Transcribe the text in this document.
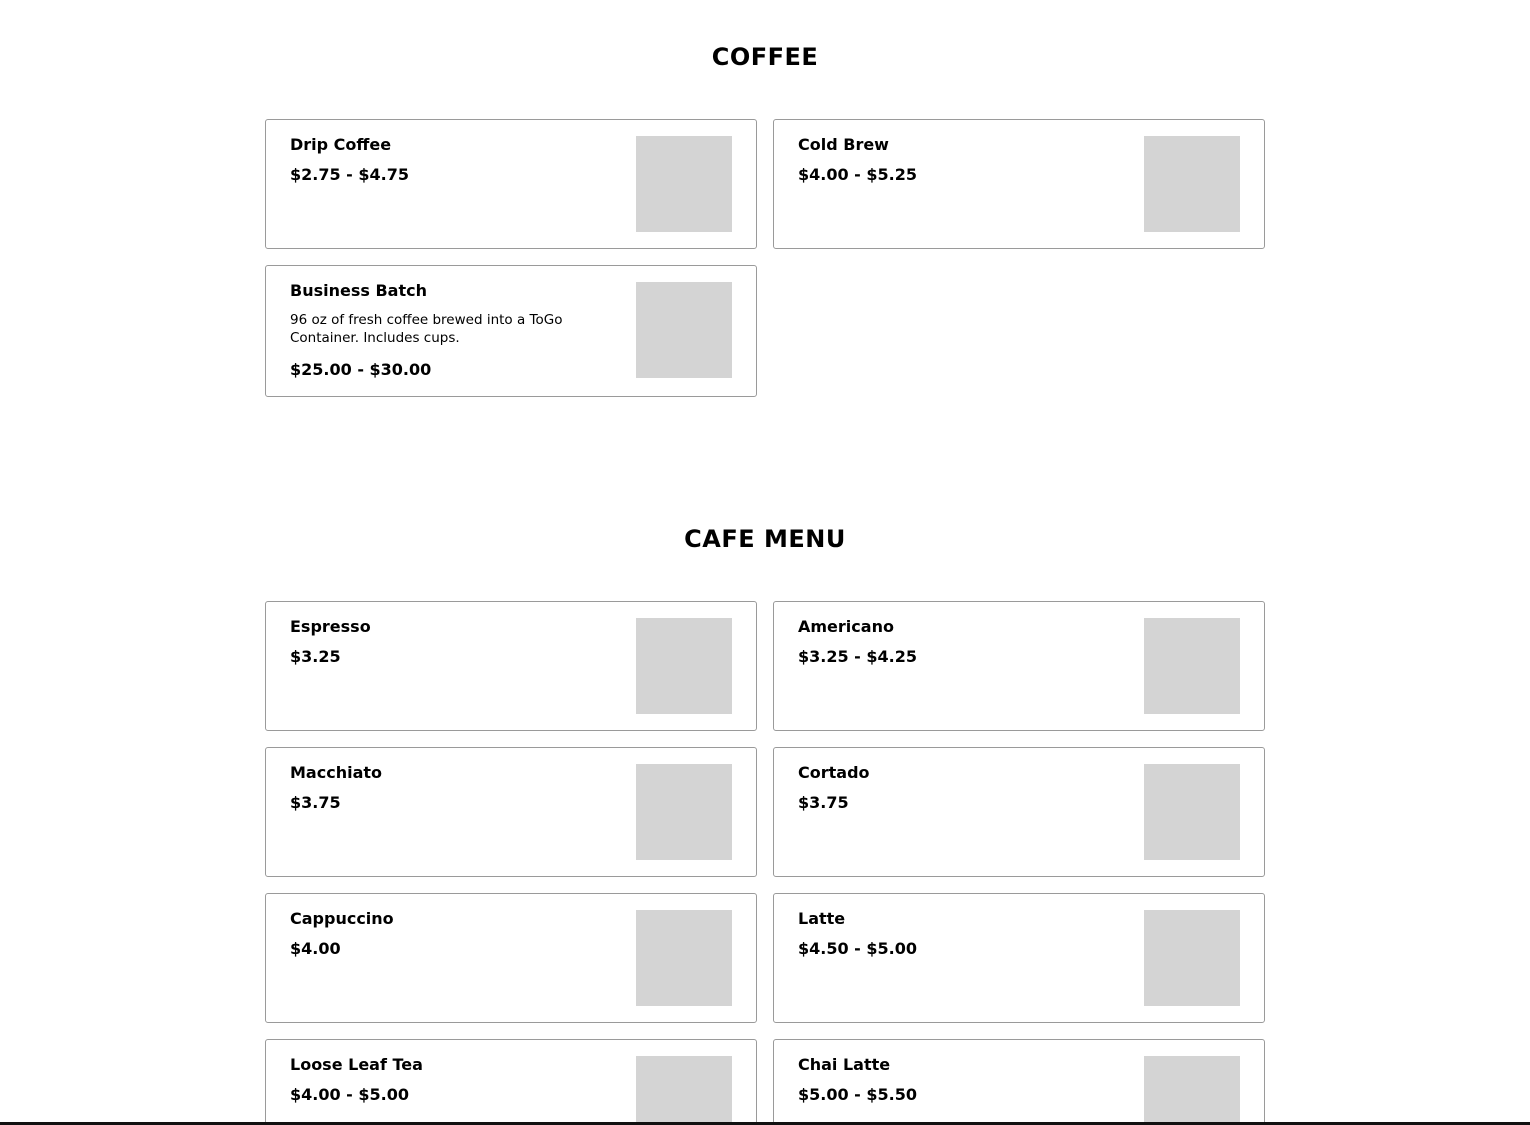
COFFEE
Drip Coffee
$2.75 - $4.75
Cold Brew
$4.00 - $5.25
Business Batch
96 oz of fresh coffee brewed into a ToGo Container. Includes cups.
$25.00 - $30.00
CAFE MENU
Espresso
$3.25
Americano
$3.25 - $4.25
Macchiato
$3.75
Cortado
$3.75
Cappuccino
$4.00
Latte
$4.50 - $5.00
Loose Leaf Tea
$4.00 - $5.00
Chai Latte
$5.00 - $5.50
